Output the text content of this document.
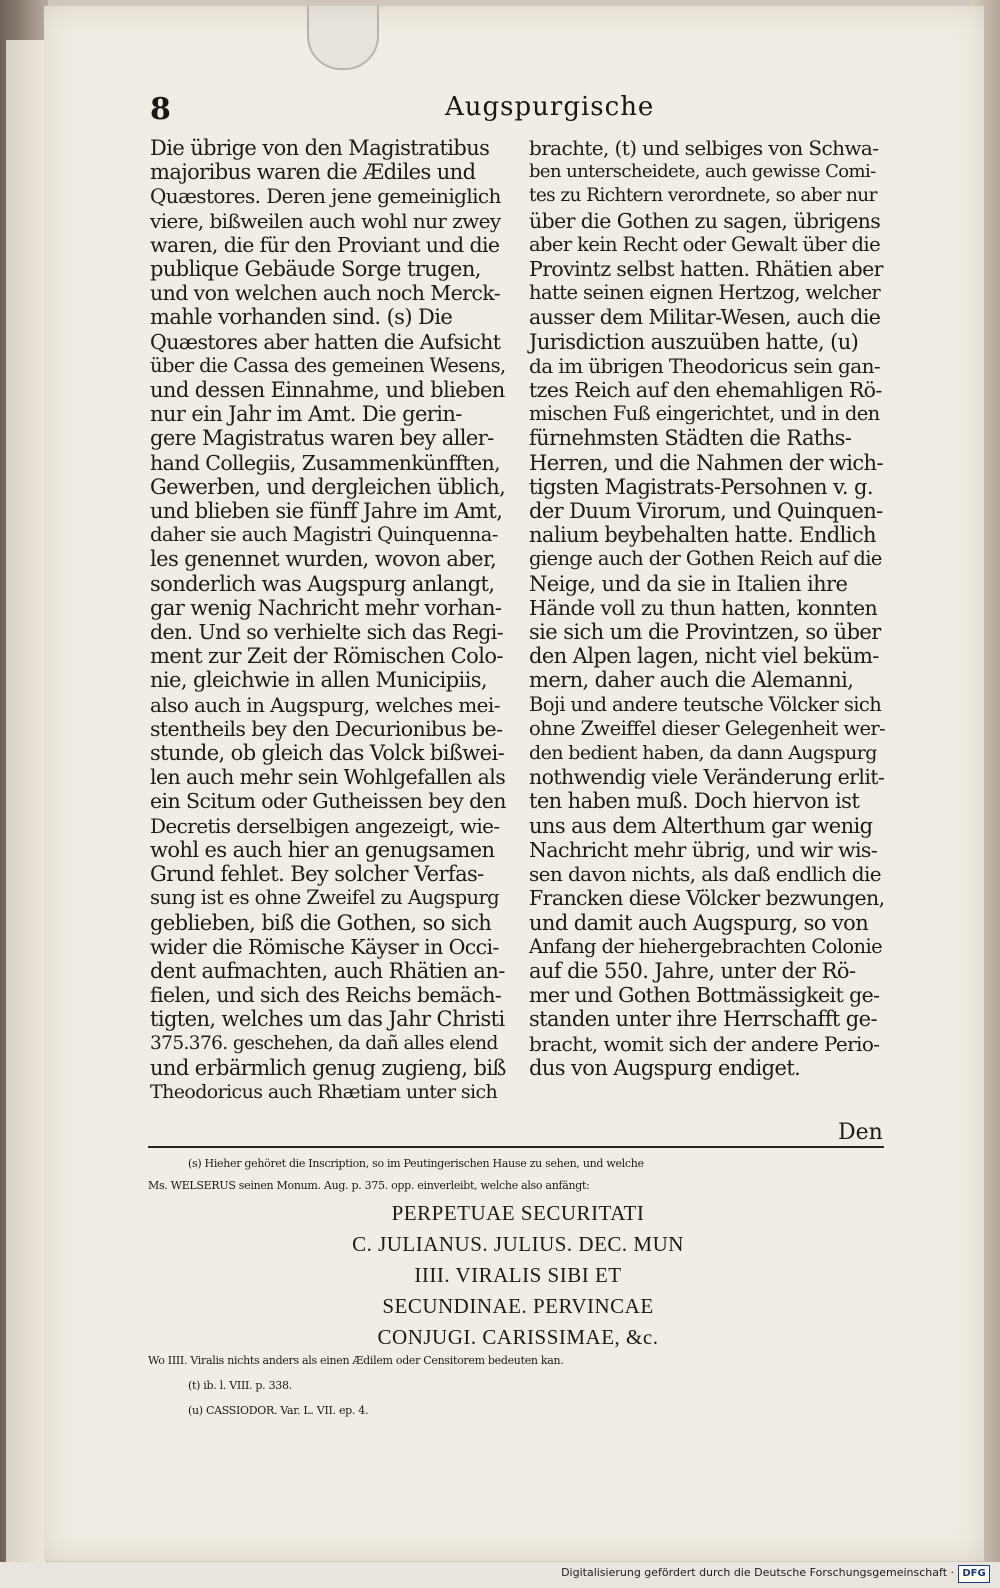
8	Augspurgische
Die übrige von den Magistratibus
majoribus waren die Ædiles und
Quæstores. Deren jene gemeiniglich
viere, bißweilen auch wohl nur zwey
waren, die für den Proviant und die
publique Gebäude Sorge trugen,
und von welchen auch noch Merck-
mahle vorhanden sind. (s) Die
Quæstores aber hatten die Aufsicht
über die Cassa des gemeinen Wesens,
und dessen Einnahme, und blieben
nur ein Jahr im Amt. Die gerin-
gere Magistratus waren bey aller-
hand Collegiis, Zusammenkünfften,
Gewerben, und dergleichen üblich,
und blieben sie fünff Jahre im Amt,
daher sie auch Magistri Quinquenna-
les genennet wurden, wovon aber,
sonderlich was Augspurg anlangt,
gar wenig Nachricht mehr vorhan-
den. Und so verhielte sich das Regi-
ment zur Zeit der Römischen Colo-
nie, gleichwie in allen Municipiis,
also auch in Augspurg, welches mei-
stentheils bey den Decurionibus be-
stunde, ob gleich das Volck bißwei-
len auch mehr sein Wohlgefallen als
ein Scitum oder Gutheissen bey den
Decretis derselbigen angezeigt, wie-
wohl es auch hier an genugsamen
Grund fehlet. Bey solcher Verfas-
sung ist es ohne Zweifel zu Augspurg
geblieben, biß die Gothen, so sich
wider die Römische Käyser in Occi-
dent aufmachten, auch Rhätien an-
fielen, und sich des Reichs bemäch-
tigten, welches um das Jahr Christi
375.376. geschehen, da dañ alles elend
und erbärmlich genug zugieng, biß
Theodoricus auch Rhætiam unter sich
brachte, (t) und selbiges von Schwa-
ben unterscheidete, auch gewisse Comi-
tes zu Richtern verordnete, so aber nur
über die Gothen zu sagen, übrigens
aber kein Recht oder Gewalt über die
Provintz selbst hatten. Rhätien aber
hatte seinen eignen Hertzog, welcher
ausser dem Militar-Wesen, auch die
Jurisdiction auszuüben hatte, (u)
da im übrigen Theodoricus sein gan-
tzes Reich auf den ehemahligen Rö-
mischen Fuß eingerichtet, und in den
fürnehmsten Städten die Raths-
Herren, und die Nahmen der wich-
tigsten Magistrats-Persohnen v. g.
der Duum Virorum, und Quinquen-
nalium beybehalten hatte. Endlich
gienge auch der Gothen Reich auf die
Neige, und da sie in Italien ihre
Hände voll zu thun hatten, konnten
sie sich um die Provintzen, so über
den Alpen lagen, nicht viel beküm-
mern, daher auch die Alemanni,
Boji und andere teutsche Völcker sich
ohne Zweiffel dieser Gelegenheit wer-
den bedient haben, da dann Augspurg
nothwendig viele Veränderung erlit-
ten haben muß. Doch hiervon ist
uns aus dem Alterthum gar wenig
Nachricht mehr übrig, und wir wis-
sen davon nichts, als daß endlich die
Francken diese Völcker bezwungen,
und damit auch Augspurg, so von
Anfang der hiehergebrachten Colonie
auf die 550. Jahre, unter der Rö-
mer und Gothen Bottmässigkeit ge-
standen unter ihre Herrschafft ge-
bracht, womit sich der andere Perio-
dus von Augspurg endiget.
Den
(s) Hieher gehöret die Inscription, so im Peutingerischen Hause zu sehen, und welche
Ms. WELSERUS seinen Monum. Aug. p. 375. opp. einverleibt, welche also anfängt:
PERPETUAE SECURITATI
C. JULIANUS. JULIUS. DEC. MUN
IIII. VIRALIS SIBI ET
SECUNDINAE. PERVINCAE
CONJUGI. CARISSIMAE, &c.
Wo IIII. Viralis nichts anders als einen Ædilem oder Censitorem bedeuten kan.
(t) ib. l. VIII. p. 338.
(u) CASSIODOR. Var. L. VII. ep. 4.
Digitalisierung gefördert durch die Deutsche Forschungsgemeinschaft · DFG
